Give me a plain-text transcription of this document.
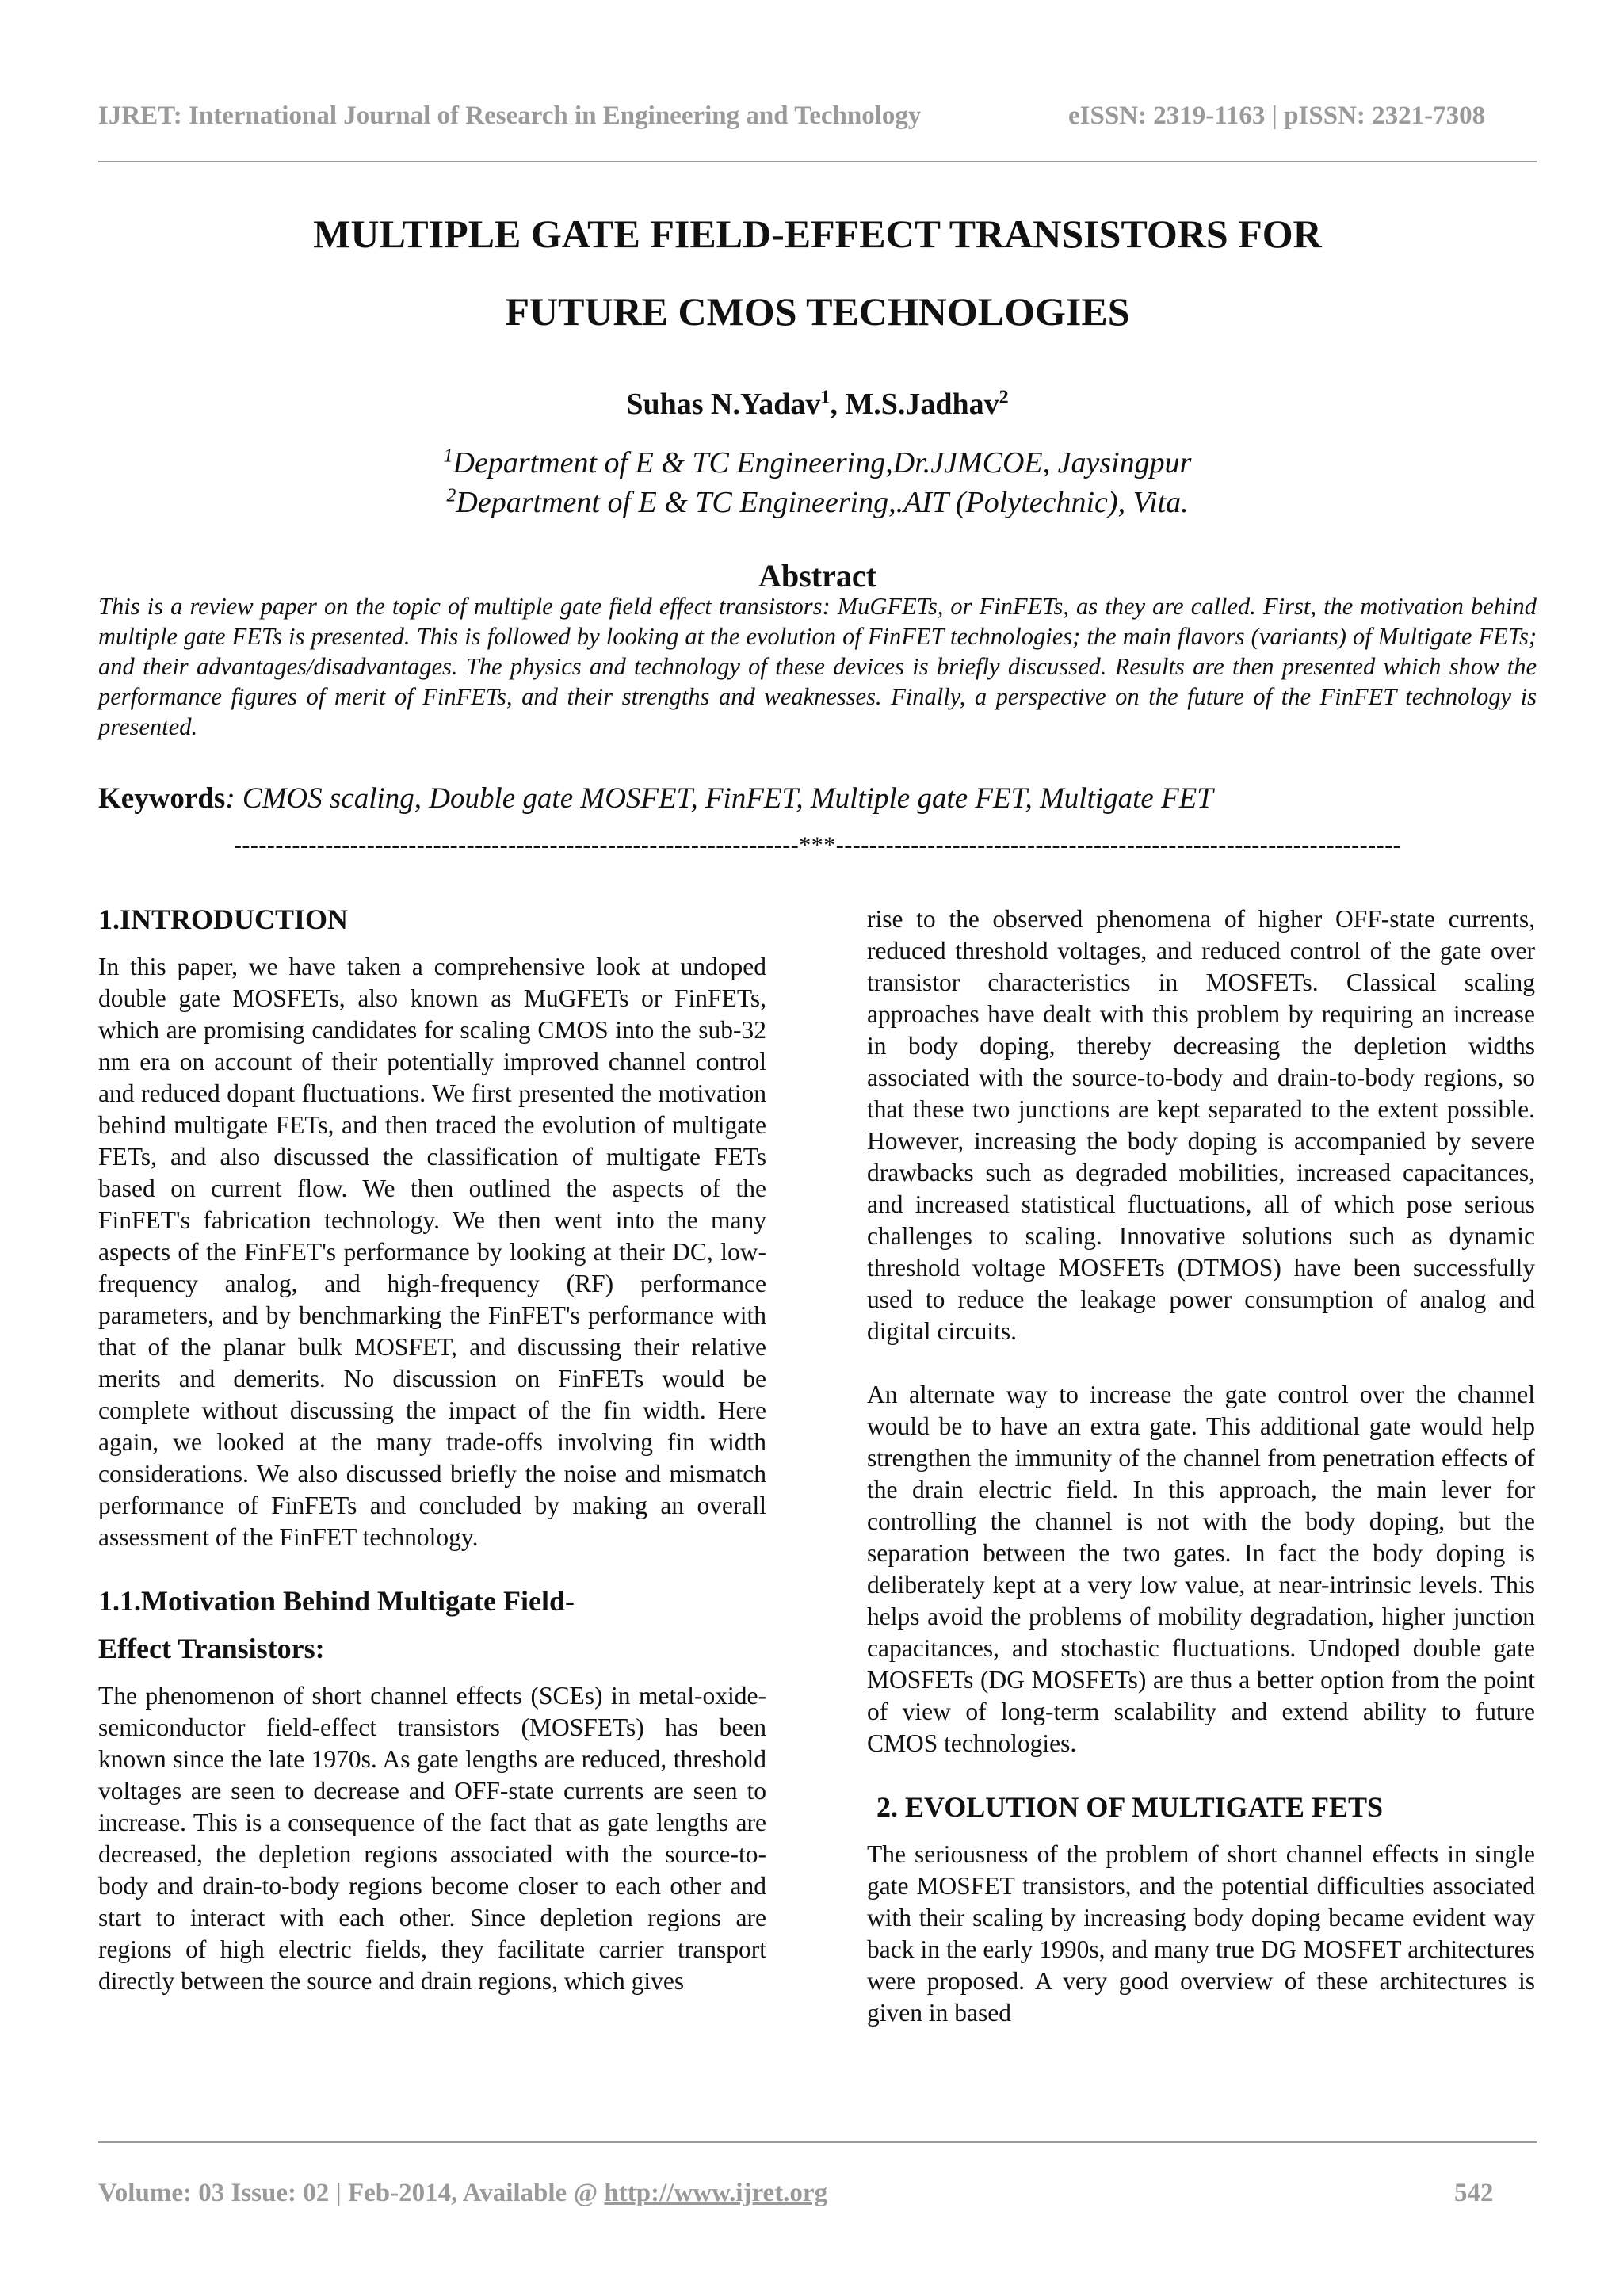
IJRET: International Journal of Research in Engineering and Technology	eISSN: 2319-1163 | pISSN: 2321-7308
MULTIPLE GATE FIELD-EFFECT TRANSISTORS FOR
FUTURE CMOS TECHNOLOGIES
Suhas N.Yadav$^1$, M.S.Jadhav$^2$
$^1$Department of E & TC Engineering,Dr.JJMCOE, Jaysingpur
$^2$Department of E & TC Engineering,.AIT (Polytechnic), Vita.
Abstract

This is a review paper on the topic of multiple gate field effect transistors: MuGFETs, or FinFETs, as they are called. First, the motivation behind multiple gate FETs is presented. This is followed by looking at the evolution of FinFET technologies; the main flavors (variants) of Multigate FETs; and their advantages/disadvantages. The physics and technology of these devices is briefly discussed. Results are then presented which show the performance figures of merit of FinFETs, and their strengths and weaknesses. Finally, a perspective on the future of the FinFET technology is presented.

Keywords: CMOS scaling, Double gate MOSFET, FinFET, Multiple gate FET, Multigate FET
--------------------------------------------------------------------***--------------------------------------------------------------------
1.INTRODUCTION

In this paper, we have taken a comprehensive look at undoped double gate MOSFETs, also known as MuGFETs or FinFETs, which are promising candidates for scaling CMOS into the sub-32 nm era on account of their potentially improved channel control and reduced dopant fluctuations. We first presented the motivation behind multigate FETs, and then traced the evolution of multigate FETs, and also discussed the classification of multigate FETs based on current flow. We then outlined the aspects of the FinFET's fabrication technology. We then went into the many aspects of the FinFET's performance by looking at their DC, low-frequency analog, and high-frequency (RF) performance parameters, and by benchmarking the FinFET's performance with that of the planar bulk MOSFET, and discussing their relative merits and demerits. No discussion on FinFETs would be complete without discussing the impact of the fin width. Here again, we looked at the many trade-offs involving fin width considerations. We also discussed briefly the noise and mismatch performance of FinFETs and concluded by making an overall assessment of the FinFET technology.

1.1.Motivation Behind Multigate Field-
Effect Transistors:

The phenomenon of short channel effects (SCEs) in metal-oxide-semiconductor field-effect transistors (MOSFETs) has been known since the late 1970s. As gate lengths are reduced, threshold voltages are seen to decrease and OFF-state currents are seen to increase. This is a consequence of the fact that as gate lengths are decreased, the depletion regions associated with the source-to-body and drain-to-body regions become closer to each other and start to interact with each other. Since depletion regions are regions of high electric fields, they facilitate carrier transport directly between the source and drain regions, which gives

rise to the observed phenomena of higher OFF-state currents, reduced threshold voltages, and reduced control of the gate over transistor characteristics in MOSFETs. Classical scaling approaches have dealt with this problem by requiring an increase in body doping, thereby decreasing the depletion widths associated with the source-to-body and drain-to-body regions, so that these two junctions are kept separated to the extent possible. However, increasing the body doping is accompanied by severe drawbacks such as degraded mobilities, increased capacitances, and increased statistical fluctuations, all of which pose serious challenges to scaling. Innovative solutions such as dynamic threshold voltage MOSFETs (DTMOS) have been successfully used to reduce the leakage power consumption of analog and digital circuits.

An alternate way to increase the gate control over the channel would be to have an extra gate. This additional gate would help strengthen the immunity of the channel from penetration effects of the drain electric field. In this approach, the main lever for controlling the channel is not with the body doping, but the separation between the two gates. In fact the body doping is deliberately kept at a very low value, at near-intrinsic levels. This helps avoid the problems of mobility degradation, higher junction capacitances, and stochastic fluctuations. Undoped double gate MOSFETs (DG MOSFETs) are thus a better option from the point of view of long-term scalability and extend ability to future CMOS technologies.

2. EVOLUTION OF MULTIGATE FETS

The seriousness of the problem of short channel effects in single gate MOSFET transistors, and the potential difficulties associated with their scaling by increasing body doping became evident way back in the early 1990s, and many true DG MOSFET architectures were proposed. A very good overview of these architectures is given in based

Volume: 03 Issue: 02 | Feb-2014, Available @ http://www.ijret.org	542
